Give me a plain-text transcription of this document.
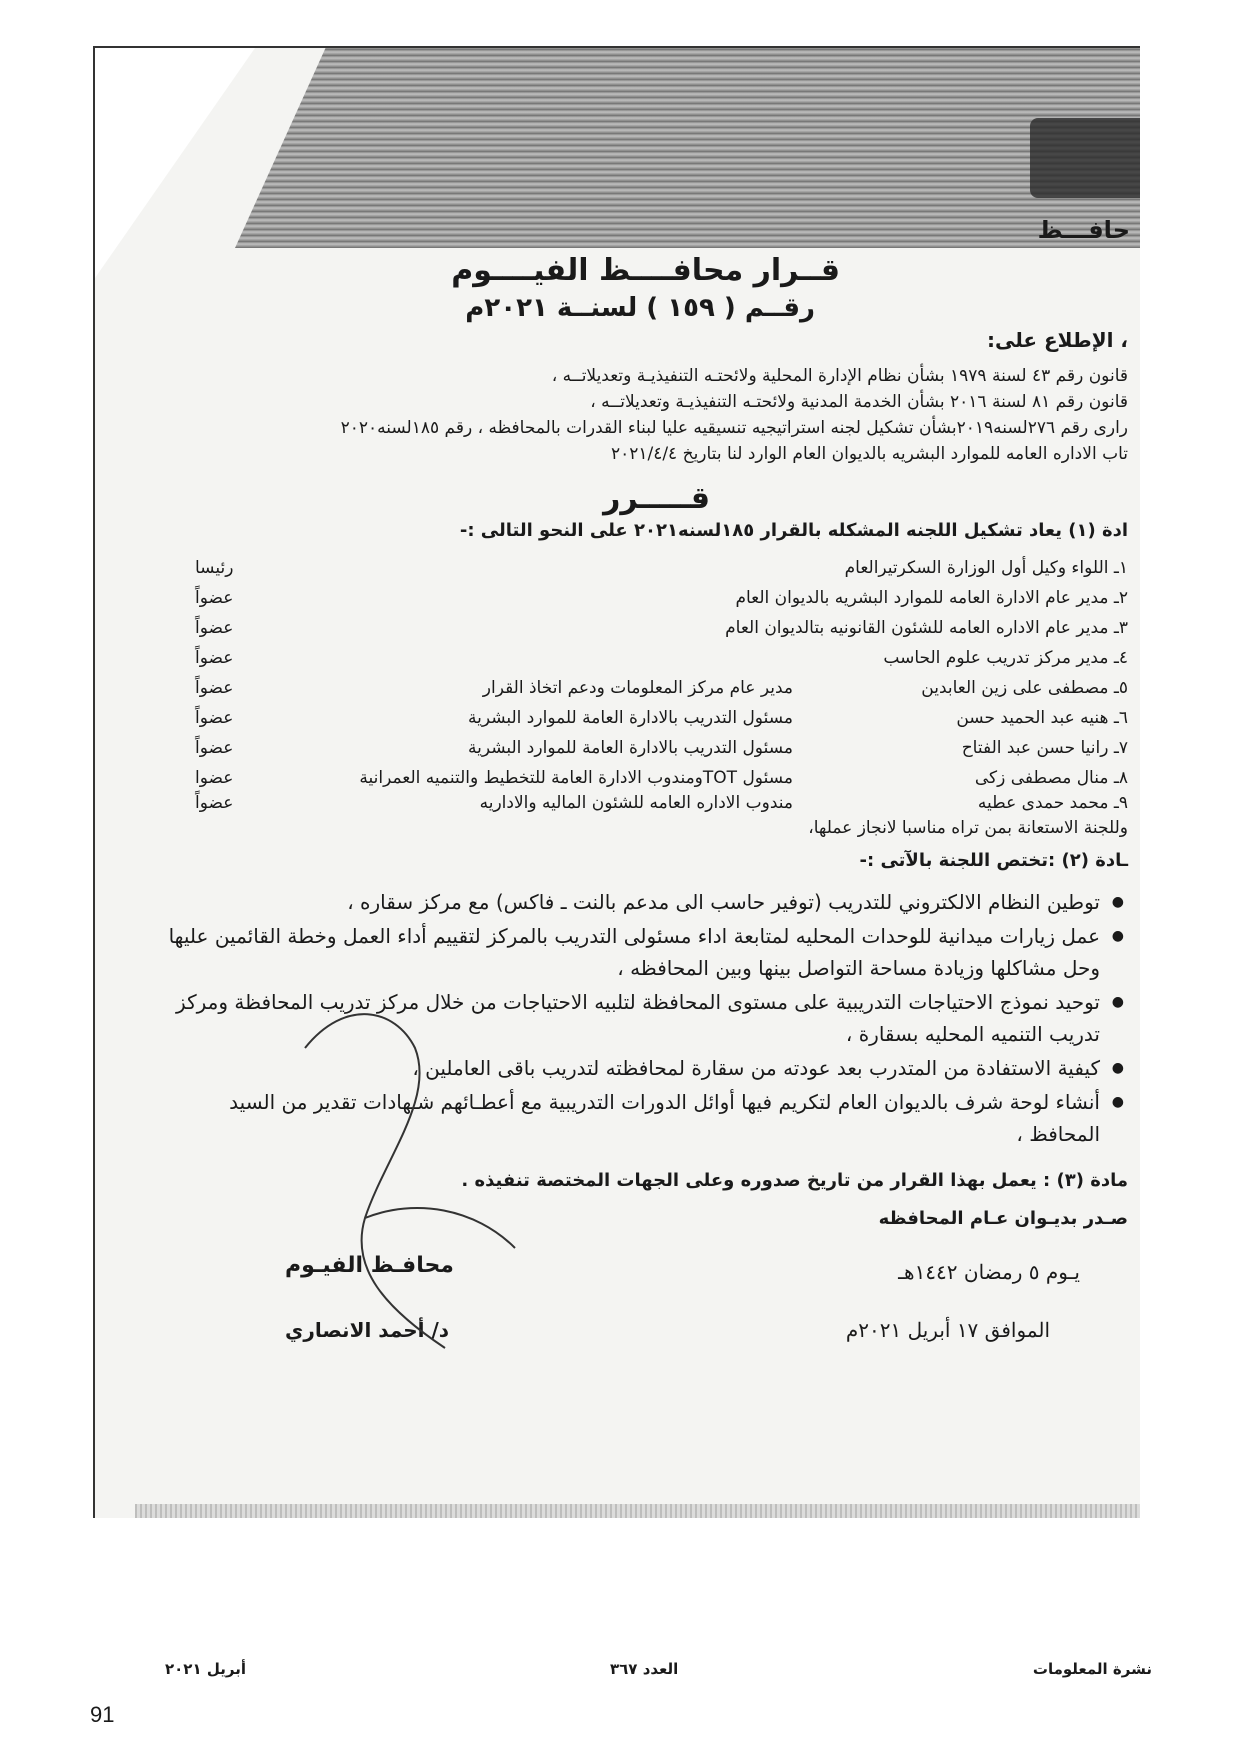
حافـــظ
قــرار محافــــظ الفيــــوم
رقــم ( ١٥٩ ) لسنــة ٢٠٢١م
، الإطلاع على:
قانون رقم ٤٣ لسنة ١٩٧٩ بشأن نظام الإدارة المحلية ولائحتـه التنفيذيـة وتعديلاتــه ،
قانون رقم ٨١ لسنة ٢٠١٦ بشأن الخدمة المدنية ولائحتـه التنفيذيـة وتعديلاتــه ،
رارى رقم ٢٧٦لسنه٢٠١٩بشأن تشكيل لجنه استراتيجيه تنسيقيه عليا لبناء القدرات بالمحافظه ، رقم ١٨٥لسنه٢٠٢٠
تاب الاداره العامه للموارد البشريه بالديوان العام الوارد لنا بتاريخ ٢٠٢١/٤/٤
قـــــرر
ادة (١) يعاد تشكيل اللجنه المشكله بالقرار ١٨٥لسنه٢٠٢١ على النحو التالى :-
١ـ اللواء وكيل أول الوزارة السكرتيرالعام
رئيسا
٢ـ مدير عام الادارة العامه للموارد البشريه بالديوان العام
عضواً
٣ـ مدير عام الاداره العامه للشئون القانونيه بتالديوان العام
عضواً
٤ـ مدير مركز تدريب علوم الحاسب
عضواً
٥ـ مصطفى على زين العابدين
مدير عام مركز المعلومات ودعم اتخاذ القرار
عضواً
٦ـ هنيه عبد الحميد حسن
مسئول التدريب بالادارة العامة للموارد البشرية
عضواً
٧ـ رانيا حسن عبد الفتاح
مسئول التدريب بالادارة العامة للموارد البشرية
عضواً
٨ـ منال مصطفى زكى
مسئول TOTومندوب الادارة العامة للتخطيط والتنميه العمرانية
عضوا
٩ـ محمد حمدى عطيه
مندوب الاداره العامه للشئون الماليه والاداريه
عضواً
وللجنة الاستعانة بمن تراه مناسبا لانجاز عملها،
ـادة (٢) :تختص اللجنة بالآتى :-
●
توطين النظام الالكتروني للتدريب (توفير حاسب الى مدعم بالنت ـ فاكس) مع مركز سقاره ،
●
عمل زيارات ميدانية للوحدات المحليه لمتابعة اداء مسئولى التدريب بالمركز لتقييم أداء العمل وخطة القائمين عليها وحل مشاكلها وزيادة مساحة التواصل بينها وبين المحافظه ،
●
توحيد نموذج الاحتياجات التدريبية على مستوى المحافظة لتلبيه الاحتياجات من خلال مركز تدريب المحافظة ومركز تدريب التنميه المحليه بسقارة ،
●
كيفية الاستفادة من المتدرب بعد عودته من سقارة لمحافظته لتدريب باقى العاملين ،
●
أنشاء لوحة شرف بالديوان العام لتكريم فيها أوائل الدورات التدريبية مع أعطـائهم شـهادات تقدير من السيد المحافظ ،
مادة (٣) : يعمل بهذا القرار من تاريخ صدوره وعلى الجهات المختصة تنفيذه .
صـدر بديـوان عـام المحافظه
يـوم ٥ رمضان ١٤٤٢هـ
الموافق ١٧ أبريل ٢٠٢١م
محافـظ الفيـوم
د/ أحمد الانصاري
نشرة المعلومات
العدد ٣٦٧
أبريل ٢٠٢١
91
